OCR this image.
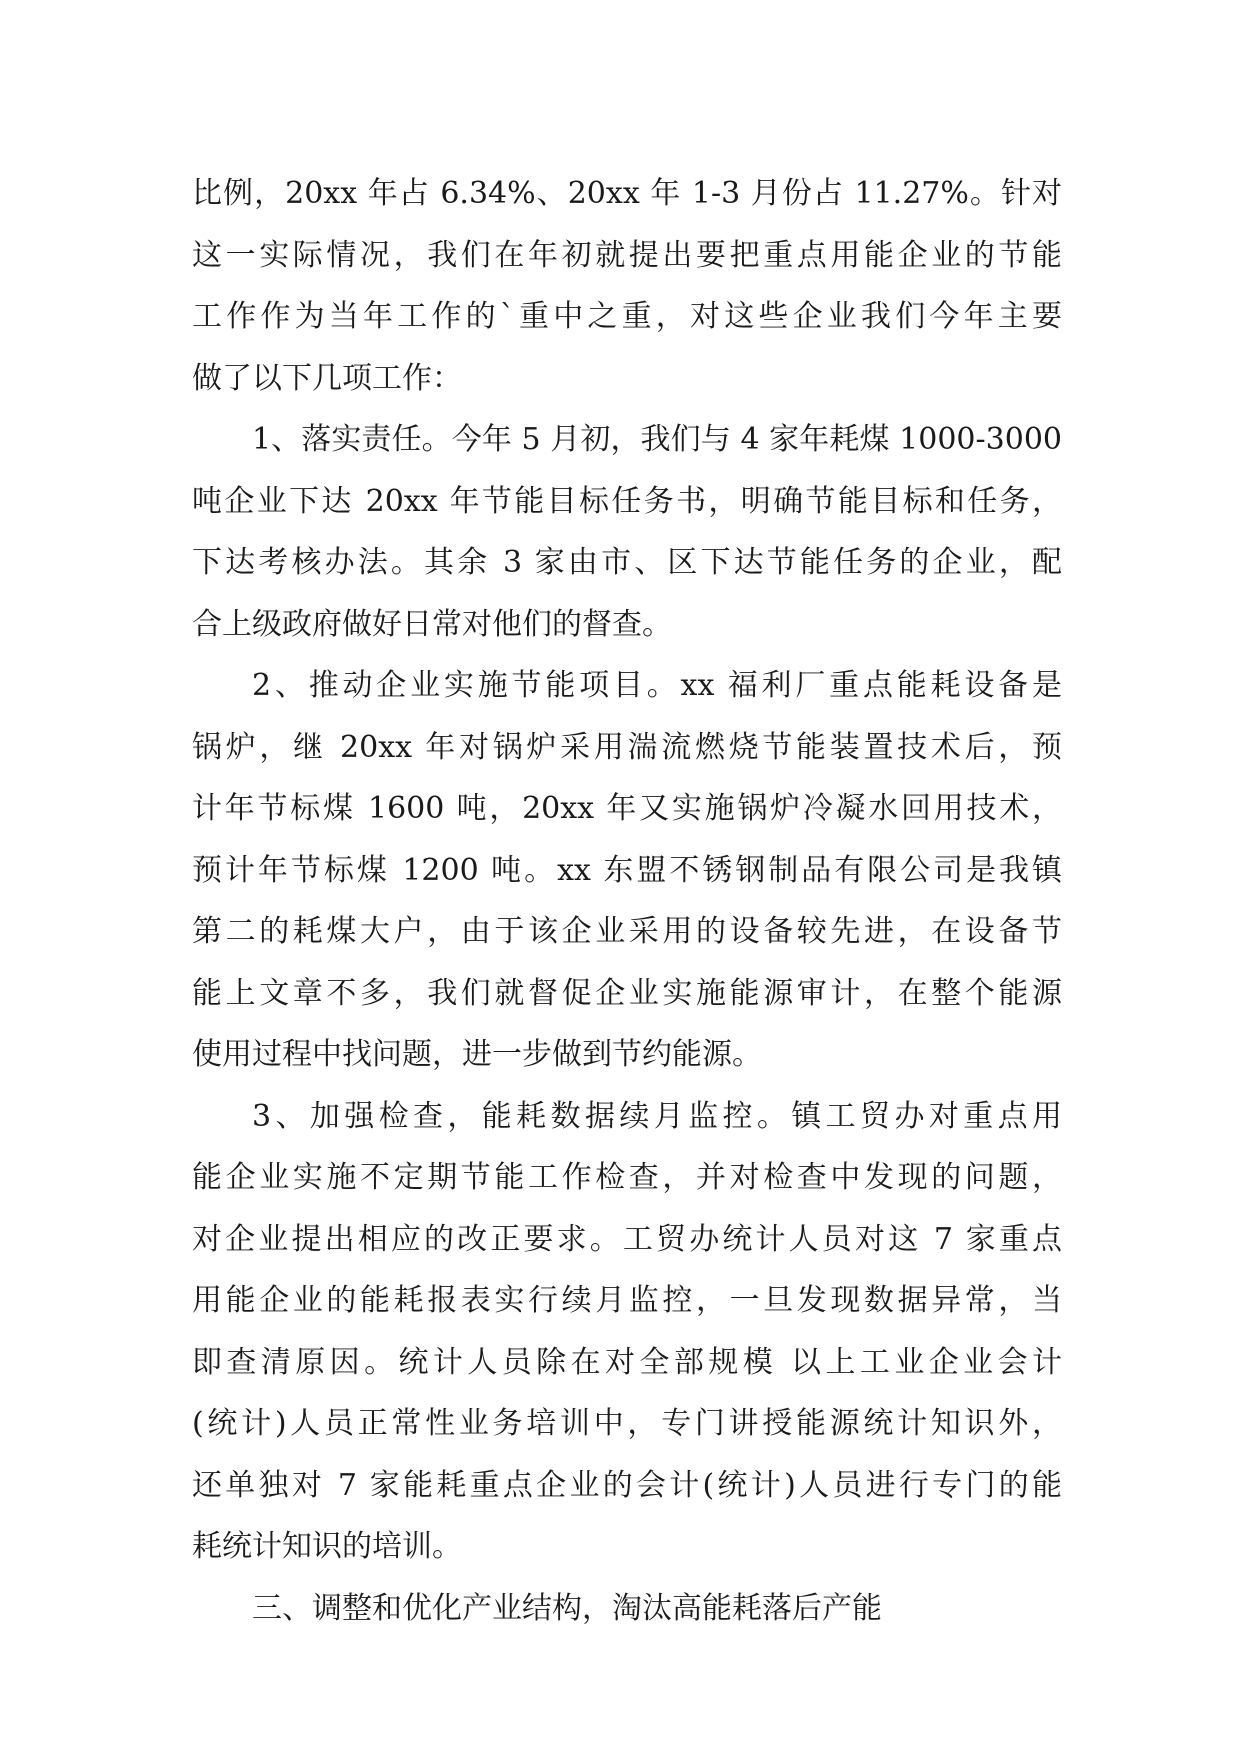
比例，20xx 年占 6.34%、20xx 年 1-3 月份占 11.27%。针对
这一实际情况，我们在年初就提出要把重点用能企业的节能
工作作为当年工作的`重中之重，对这些企业我们今年主要
做了以下几项工作：
1、落实责任。今年 5 月初，我们与 4 家年耗煤 1000-3000
吨企业下达 20xx 年节能目标任务书，明确节能目标和任务，
下达考核办法。其余 3 家由市、区下达节能任务的企业，配
合上级政府做好日常对他们的督查。
2、推动企业实施节能项目。xx 福利厂重点能耗设备是
锅炉，继 20xx 年对锅炉采用湍流燃烧节能装置技术后，预
计年节标煤 1600 吨，20xx 年又实施锅炉冷凝水回用技术，
预计年节标煤 1200 吨。xx 东盟不锈钢制品有限公司是我镇
第二的耗煤大户，由于该企业采用的设备较先进，在设备节
能上文章不多，我们就督促企业实施能源审计，在整个能源
使用过程中找问题，进一步做到节约能源。
3、加强检查，能耗数据续月监控。镇工贸办对重点用
能企业实施不定期节能工作检查，并对检查中发现的问题，
对企业提出相应的改正要求。工贸办统计人员对这 7 家重点
用能企业的能耗报表实行续月监控，一旦发现数据异常，当
即查清原因。统计人员除在对全部规模 以上工业企业会计
(统计)人员正常性业务培训中，专门讲授能源统计知识外，
还单独对 7 家能耗重点企业的会计(统计)人员进行专门的能
耗统计知识的培训。
三、调整和优化产业结构，淘汰高能耗落后产能
